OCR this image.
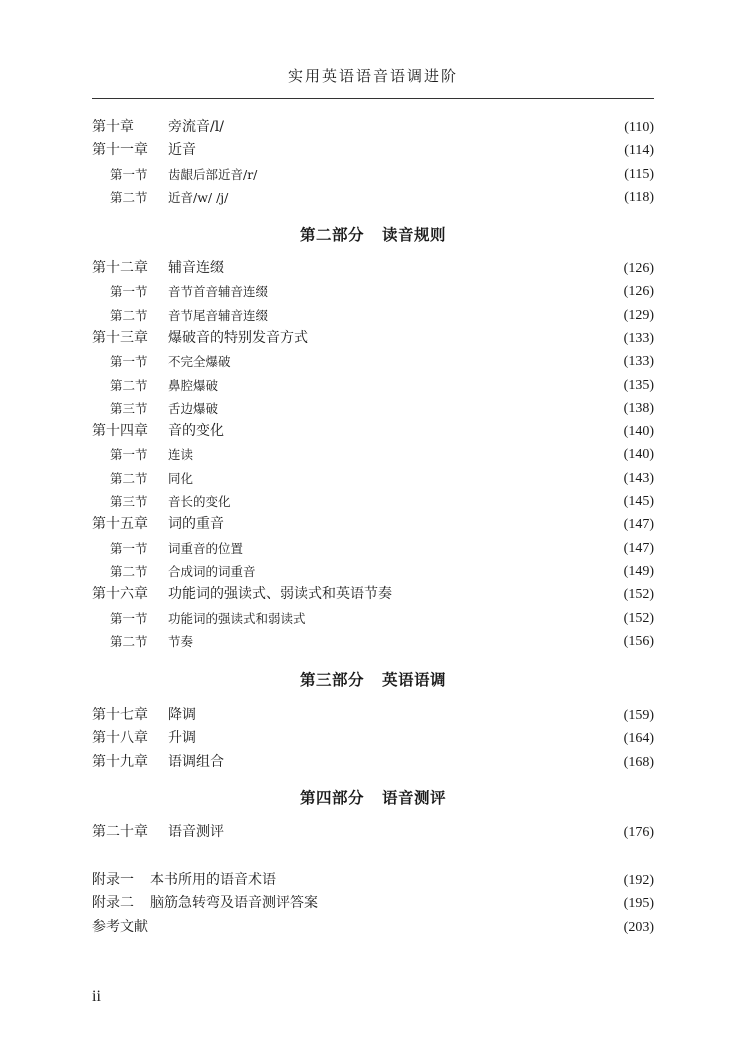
实用英语语音语调进阶
第二部分 读音规则
第三部分 英语语调
第四部分 语音测评
第十章	旁流音/l/	(110)
第十一章	近音	(114)
第一节	齿龈后部近音/r/	(115)
第二节	近音/w/ /j/	(118)
第十二章	辅音连缀	(126)
第一节	音节首音辅音连缀	(126)
第二节	音节尾音辅音连缀	(129)
第十三章	爆破音的特别发音方式	(133)
第一节	不完全爆破	(133)
第二节	鼻腔爆破	(135)
第三节	舌边爆破	(138)
第十四章	音的变化	(140)
第一节	连读	(140)
第二节	同化	(143)
第三节	音长的变化	(145)
第十五章	词的重音	(147)
第一节	词重音的位置	(147)
第二节	合成词的词重音	(149)
第十六章	功能词的强读式、弱读式和英语节奏	(152)
第一节	功能词的强读式和弱读式	(152)
第二节	节奏	(156)
第十七章	降调	(159)
第十八章	升调	(164)
第十九章	语调组合	(168)
第二十章	语音测评	(176)
附录一	本书所用的语音术语	(192)
附录二	脑筋急转弯及语音测评答案	(195)
参考文献	(203)
ii
